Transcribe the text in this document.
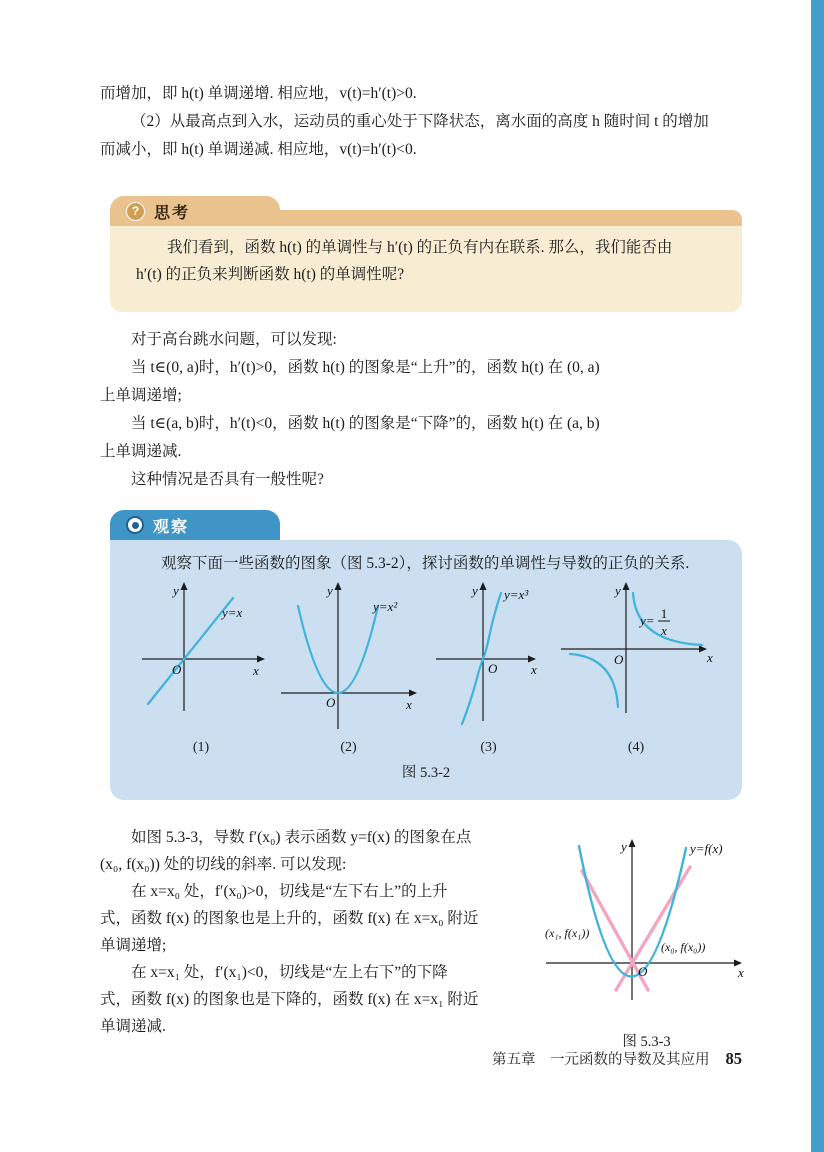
而增加，即 h(t) 单调递增. 相应地，v(t)=h′(t)>0.
（2）从最高点到入水，运动员的重心处于下降状态，离水面的高度 h 随时间 t 的增加
而减小，即 h(t) 单调递减. 相应地，v(t)=h′(t)<0.
? 思考
我们看到，函数 h(t) 的单调性与 h′(t) 的正负有内在联系. 那么，我们能否由
h′(t) 的正负来判断函数 h(t) 的单调性呢?
对于高台跳水问题，可以发现:
当 t∈(0, a)时，h′(t)>0，函数 h(t) 的图象是“上升”的，函数 h(t) 在 (0, a)
上单调递增;
当 t∈(a, b)时，h′(t)<0，函数 h(t) 的图象是“下降”的，函数 h(t) 在 (a, b)
上单调递减.
这种情况是否具有一般性呢?
观察
观察下面一些函数的图象（图 5.3-2），探讨函数的单调性与导数的正负的关系.
y=x
O	x
y
(1)
y=x²
O	x
y
(2)
y=x³
O	x
y
(3)
y= 1
x
O	x
y
(4)
图 5.3-2
如图 5.3-3，导数 f′(x₀) 表示函数 y=f(x) 的图象在点
(x₀, f(x₀)) 处的切线的斜率. 可以发现:
在 x=x₀ 处，f′(x₀)>0，切线是“左下右上”的上升
式，函数 f(x) 的图象也是上升的，函数 f(x) 在 x=x₀ 附近
单调递增;
在 x=x₁ 处，f′(x₁)<0，切线是“左上右下”的下降
式，函数 f(x) 的图象也是下降的，函数 f(x) 在 x=x₁ 附近
单调递减.
y=f(x)
(x₁, f(x₁))
(x₀, f(x₀))
O	x
y
图 5.3-3
第五章　一元函数的导数及其应用 85
